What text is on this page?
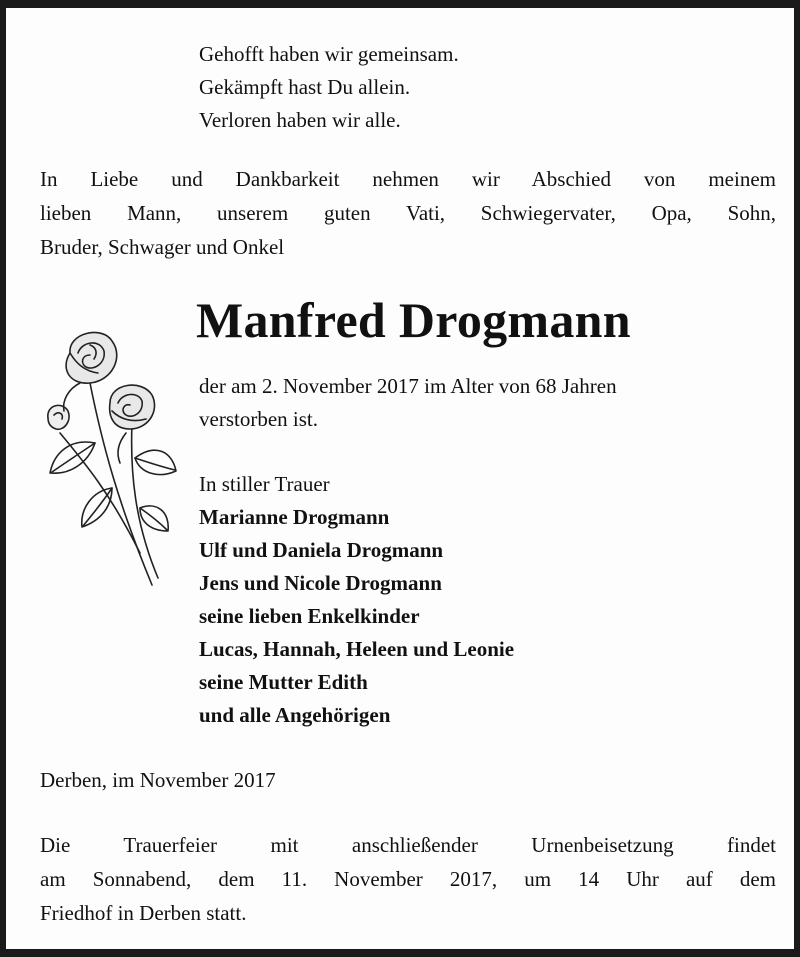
Gehofft haben wir gemeinsam.
Gekämpft hast Du allein.
Verloren haben wir alle.
In Liebe und Dankbarkeit nehmen wir Abschied von meinem
lieben Mann, unserem guten Vati, Schwiegervater, Opa, Sohn,
Bruder, Schwager und Onkel
Manfred Drogmann
der am 2. November 2017 im Alter von 68 Jahren
verstorben ist.
In stiller Trauer
Marianne Drogmann
Ulf und Daniela Drogmann
Jens und Nicole Drogmann
seine lieben Enkelkinder
Lucas, Hannah, Heleen und Leonie
seine Mutter Edith
und alle Angehörigen
Derben, im November 2017
Die Trauerfeier mit anschließender Urnenbeisetzung findet
am Sonnabend, dem 11. November 2017, um 14 Uhr auf dem
Friedhof in Derben statt.
